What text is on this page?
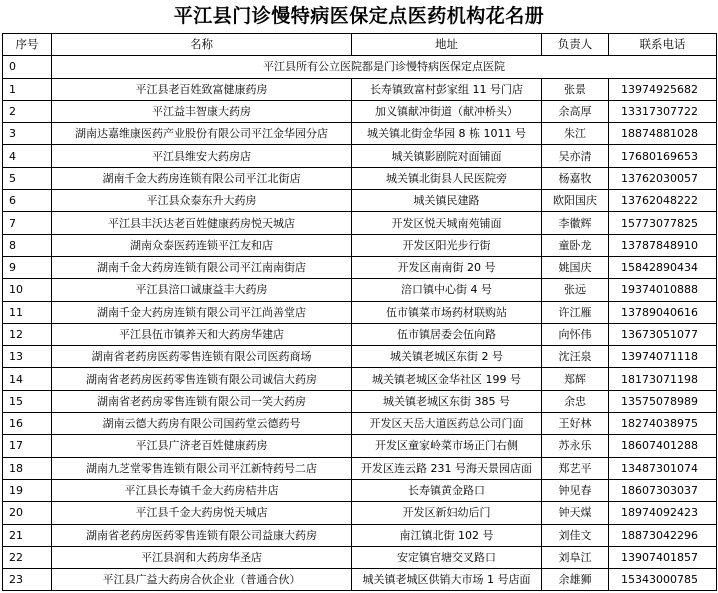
平江县门诊慢特病医保定点医药机构花名册
序号	名称	地址	负责人	联系电话
0	平江县所有公立医院都是门诊慢特病医保定点医院			
1	平江县老百姓致富健康药房	长寿镇致富村彭家组 11 号门店	张景	13974925682
2	平江益丰智康大药房	加义镇献冲街道（献冲桥头）	余高厚	13317307722
3	湖南达嘉维康医药产业股份有限公司平江金华园分店	城关镇北街金华园 8 栋 1011 号	朱江	18874881028
4	平江县维安大药房店	城关镇影剧院对面铺面	吴亦清	17680169653
5	湖南千金大药房连锁有限公司平江北街店	城关镇北街县人民医院旁	杨嘉牧	13762030057
6	平江县众泰东升大药房	城关镇民建路	欧阳国庆	13762048222
7	平江县丰沃达老百姓健康药房悦天城店	开发区悦天城南苑铺面	李徽辉	15773077825
8	湖南众泰医药连锁平江友和店	开发区阳光步行街	童卧龙	13787848910
9	湖南千金大药房连锁有限公司平江南南街店	开发区南南街 20 号	姚国庆	15842890434
10	平江县涪口诚康益丰大药房	涪口镇中心街 4 号	张远	19374010888
11	湖南千金大药房连锁有限公司平江尚善堂店	伍市镇菜市场药材联购站	许江雁	13789040616
12	平江县伍市镇养天和大药房华建店	伍市镇居委会伍向路	向怀伟	13673051077
13	湖南省老药房医药零售连锁有限公司医药商场	城关镇老城区东街 2 号	沈汪泉	13974071118
14	湖南省老药房医药零售连锁有限公司诚信大药房	城关镇老城区金华社区 199 号	郑辉	18173071198
15	湖南省老药房零售连锁有限公司一笑大药房	城关镇老城区东街 385 号	余忠	13575078989
16	湖南云德大药房有限公司国药堂云德药号	开发区天岳大道医药总公司门面	王好林	18274038975
17	平江县广济老百姓健康药房	开发区童家岭菜市场正门右侧	苏永乐	18607401288
18	湖南九芝堂零售连锁有限公司平江新特药号二店	开发区连云路 231 号海天景园店面	郑艺平	13487301074
19	平江县长寿镇千金大药房桔井店	长寿镇黄金路口	钟见春	18607303037
20	平江县千金大药房悦天城店	开发区新妇幼后门	钟天煤	18974092423
21	湖南省老药房医药零售连锁有限公司益康大药房	南江镇北街 102 号	刘佳文	18873042296
22	平江县润和大药房华圣店	安定镇官塘交叉路口	刘阜江	13907401857
23	平江县广益大药房合伙企业（普通合伙）	城关镇老城区供销大市场 1 号店面	余雄狮	15343000785
